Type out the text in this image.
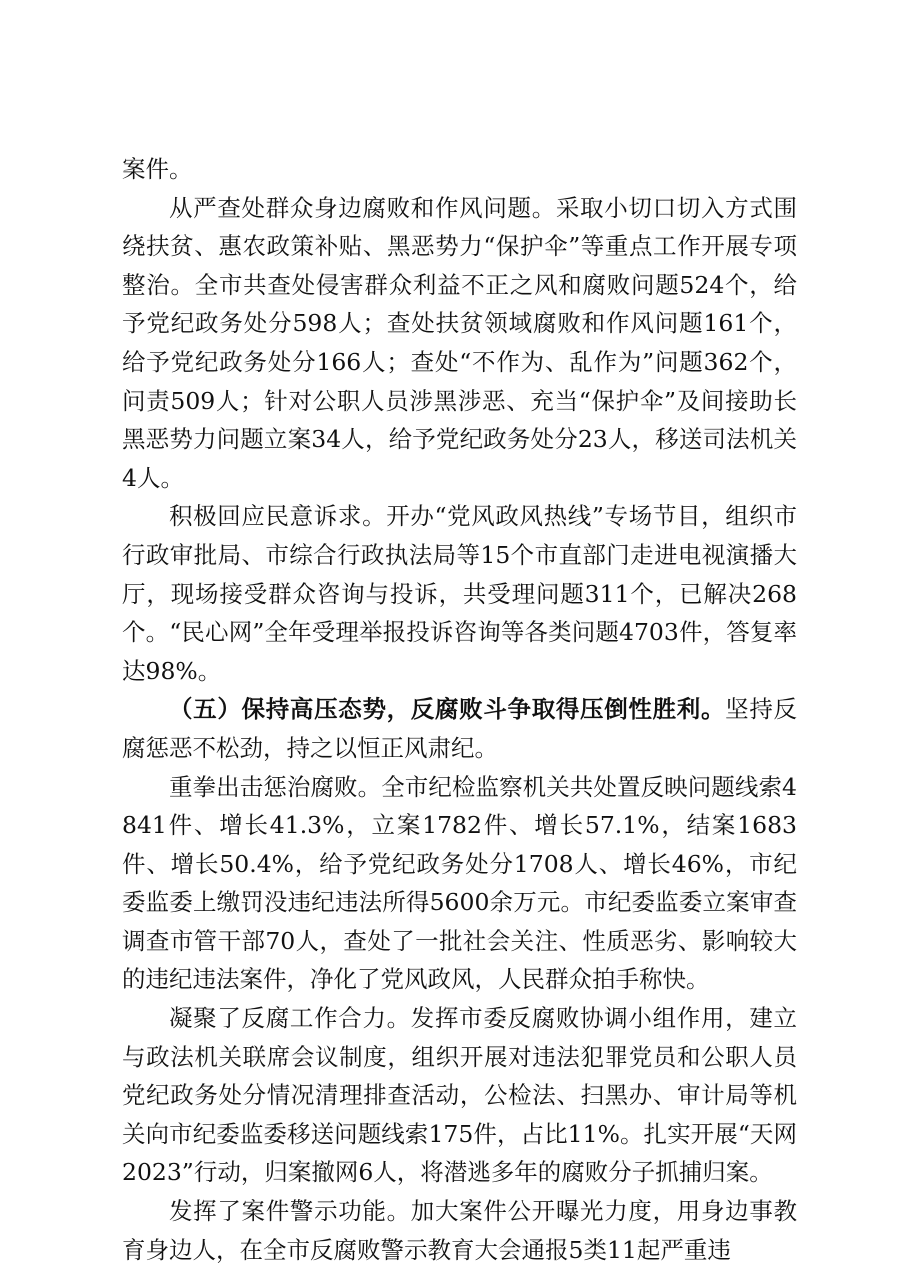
案件。

从严查处群众身边腐败和作风问题。采取小切口切入方式围绕扶贫、惠农政策补贴、黑恶势力“保护伞”等重点工作开展专项整治。全市共查处侵害群众利益不正之风和腐败问题524个，给予党纪政务处分598人；查处扶贫领域腐败和作风问题161个，给予党纪政务处分166人；查处“不作为、乱作为”问题362个，问责509人；针对公职人员涉黑涉恶、充当“保护伞”及间接助长黑恶势力问题立案34人，给予党纪政务处分23人，移送司法机关4人。

积极回应民意诉求。开办“党风政风热线”专场节目，组织市行政审批局、市综合行政执法局等15个市直部门走进电视演播大厅，现场接受群众咨询与投诉，共受理问题311个，已解决268个。“民心网”全年受理举报投诉咨询等各类问题4703件，答复率达98%。

（五）保持高压态势，反腐败斗争取得压倒性胜利。坚持反腐惩恶不松劲，持之以恒正风肃纪。

重拳出击惩治腐败。全市纪检监察机关共处置反映问题线索4841件、增长41.3%，立案1782件、增长57.1%，结案1683件、增长50.4%，给予党纪政务处分1708人、增长46%，市纪委监委上缴罚没违纪违法所得5600余万元。市纪委监委立案审查调查市管干部70人，查处了一批社会关注、性质恶劣、影响较大的违纪违法案件，净化了党风政风，人民群众拍手称快。

凝聚了反腐工作合力。发挥市委反腐败协调小组作用，建立与政法机关联席会议制度，组织开展对违法犯罪党员和公职人员党纪政务处分情况清理排查活动，公检法、扫黑办、审计局等机关向市纪委监委移送问题线索175件，占比11%。扎实开展“天网2023”行动，归案撤网6人，将潜逃多年的腐败分子抓捕归案。

发挥了案件警示功能。加大案件公开曝光力度，用身边事教育身边人，在全市反腐败警示教育大会通报5类11起严重违
